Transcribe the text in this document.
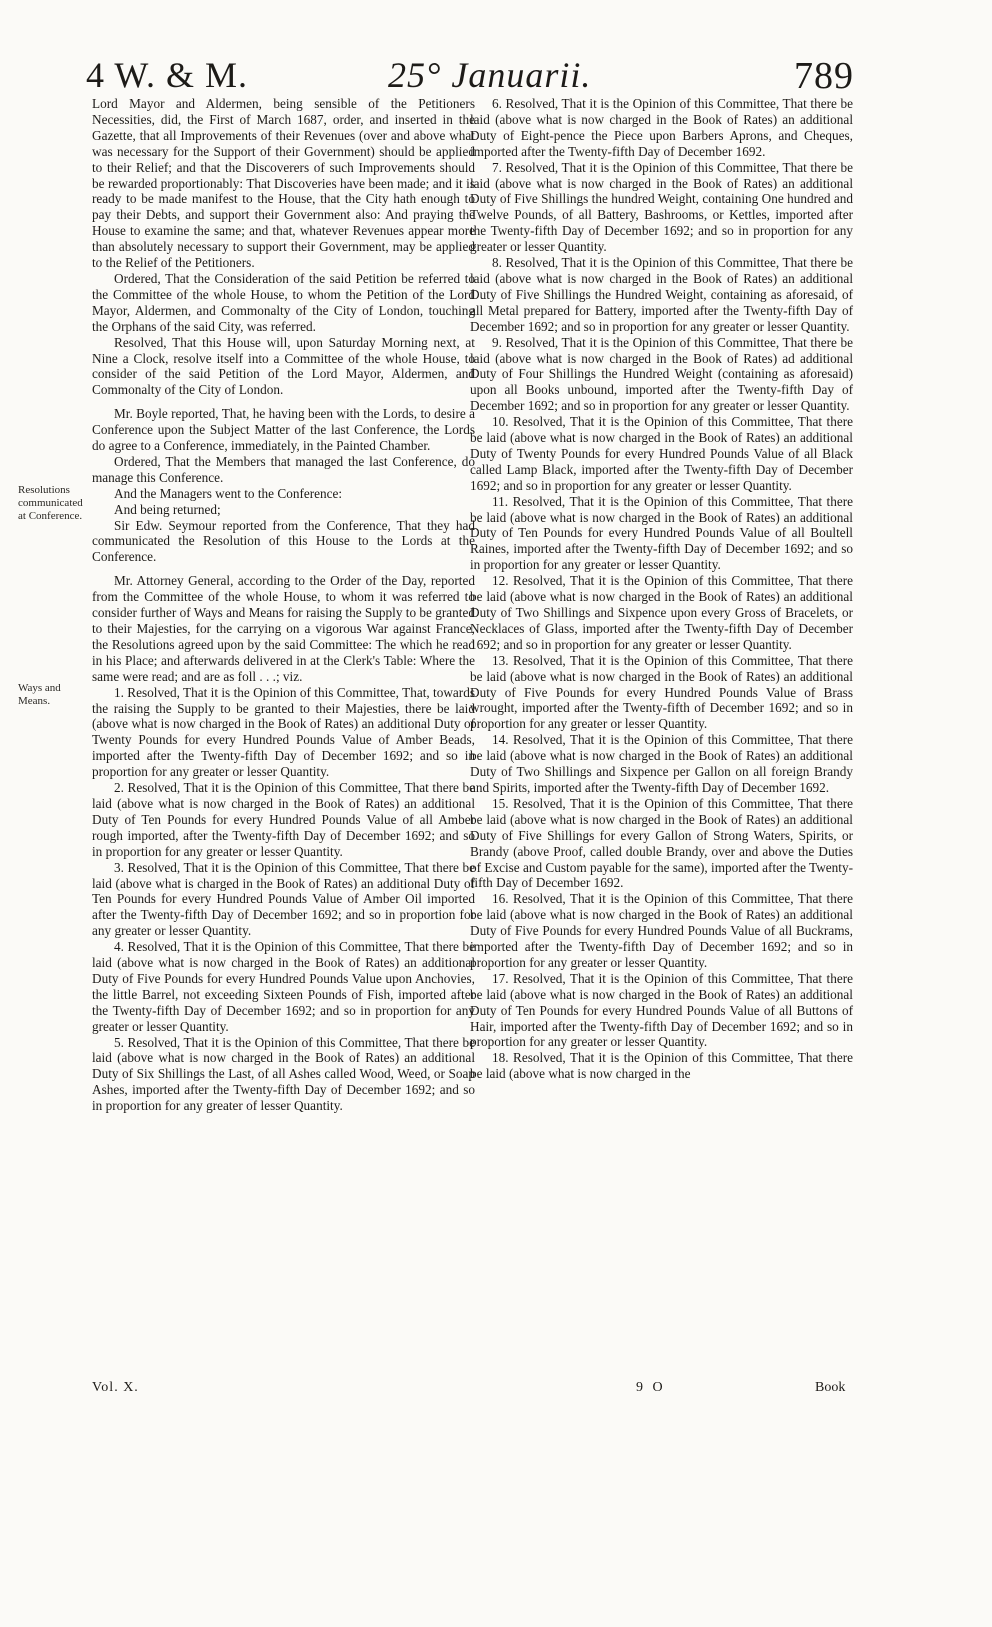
4 W. & M.	25° Januarii.	789
Resolutions communicated at Conference.
Ways and Means.

Lord Mayor and Aldermen, being sensible of the Petitioners Necessities, did, the First of March 1687, order, and inserted in the Gazette, that all Improvements of their Revenues (over and above what was necessary for the Support of their Government) should be applied to their Relief; and that the Discoverers of such Improvements should be rewarded proportionably: That Discoveries have been made; and it is ready to be made manifest to the House, that the City hath enough to pay their Debts, and support their Government also: And praying the House to examine the same; and that, whatever Revenues appear more than absolutely necessary to support their Government, may be applied to the Relief of the Petitioners.

Ordered, That the Consideration of the said Petition be referred to the Committee of the whole House, to whom the Petition of the Lord Mayor, Aldermen, and Commonalty of the City of London, touching the Orphans of the said City, was referred.

Resolved, That this House will, upon Saturday Morning next, at Nine a Clock, resolve itself into a Committee of the whole House, to consider of the said Petition of the Lord Mayor, Aldermen, and Commonalty of the City of London.

Mr. Boyle reported, That, he having been with the Lords, to desire a Conference upon the Subject Matter of the last Conference, the Lords do agree to a Conference, immediately, in the Painted Chamber.

Ordered, That the Members that managed the last Conference, do manage this Conference.

And the Managers went to the Conference:

And being returned;

Sir Edw. Seymour reported from the Conference, That they had communicated the Resolution of this House to the Lords at the Conference.

Mr. Attorney General, according to the Order of the Day, reported from the Committee of the whole House, to whom it was referred to consider further of Ways and Means for raising the Supply to be granted to their Majesties, for the carrying on a vigorous War against France, the Resolutions agreed upon by the said Committee: The which he read in his Place; and afterwards delivered in at the Clerk's Table: Where the same were read; and are as foll . . .; viz.

1. Resolved, That it is the Opinion of this Committee, That, towards the raising the Supply to be granted to their Majesties, there be laid (above what is now charged in the Book of Rates) an additional Duty of Twenty Pounds for every Hundred Pounds Value of Amber Beads, imported after the Twenty-fifth Day of December 1692; and so in proportion for any greater or lesser Quantity.

2. Resolved, That it is the Opinion of this Committee, That there be laid (above what is now charged in the Book of Rates) an additional Duty of Ten Pounds for every Hundred Pounds Value of all Amber rough imported, after the Twenty-fifth Day of December 1692; and so in proportion for any greater or lesser Quantity.

3. Resolved, That it is the Opinion of this Committee, That there be laid (above what is charged in the Book of Rates) an additional Duty of Ten Pounds for every Hundred Pounds Value of Amber Oil imported after the Twenty-fifth Day of December 1692; and so in proportion for any greater or lesser Quantity.

4. Resolved, That it is the Opinion of this Committee, That there be laid (above what is now charged in the Book of Rates) an additional Duty of Five Pounds for every Hundred Pounds Value upon Anchovies, the little Barrel, not exceeding Sixteen Pounds of Fish, imported after the Twenty-fifth Day of December 1692; and so in proportion for any greater or lesser Quantity.

5. Resolved, That it is the Opinion of this Committee, That there be laid (above what is now charged in the Book of Rates) an additional Duty of Six Shillings the Last, of all Ashes called Wood, Weed, or Soap Ashes, imported after the Twenty-fifth Day of December 1692; and so in proportion for any greater of lesser Quantity.

6. Resolved, That it is the Opinion of this Committee, That there be laid (above what is now charged in the Book of Rates) an additional Duty of Eight-pence the Piece upon Barbers Aprons, and Cheques, imported after the Twenty-fifth Day of December 1692.

7. Resolved, That it is the Opinion of this Committee, That there be laid (above what is now charged in the Book of Rates) an additional Duty of Five Shillings the hundred Weight, containing One hundred and Twelve Pounds, of all Battery, Bashrooms, or Kettles, imported after the Twenty-fifth Day of December 1692; and so in proportion for any greater or lesser Quantity.

8. Resolved, That it is the Opinion of this Committee, That there be laid (above what is now charged in the Book of Rates) an additional Duty of Five Shillings the Hundred Weight, containing as aforesaid, of all Metal prepared for Battery, imported after the Twenty-fifth Day of December 1692; and so in proportion for any greater or lesser Quantity.

9. Resolved, That it is the Opinion of this Committee, That there be laid (above what is now charged in the Book of Rates) ad additional Duty of Four Shillings the Hundred Weight (containing as aforesaid) upon all Books unbound, imported after the Twenty-fifth Day of December 1692; and so in proportion for any greater or lesser Quantity.

10. Resolved, That it is the Opinion of this Committee, That there be laid (above what is now charged in the Book of Rates) an additional Duty of Twenty Pounds for every Hundred Pounds Value of all Black called Lamp Black, imported after the Twenty-fifth Day of December 1692; and so in proportion for any greater or lesser Quantity.

11. Resolved, That it is the Opinion of this Committee, That there be laid (above what is now charged in the Book of Rates) an additional Duty of Ten Pounds for every Hundred Pounds Value of all Boultell Raines, imported after the Twenty-fifth Day of December 1692; and so in proportion for any greater or lesser Quantity.

12. Resolved, That it is the Opinion of this Committee, That there be laid (above what is now charged in the Book of Rates) an additional Duty of Two Shillings and Sixpence upon every Gross of Bracelets, or Necklaces of Glass, imported after the Twenty-fifth Day of December 1692; and so in proportion for any greater or lesser Quantity.

13. Resolved, That it is the Opinion of this Committee, That there be laid (above what is now charged in the Book of Rates) an additional Duty of Five Pounds for every Hundred Pounds Value of Brass wrought, imported after the Twenty-fifth of December 1692; and so in proportion for any greater or lesser Quantity.

14. Resolved, That it is the Opinion of this Committee, That there be laid (above what is now charged in the Book of Rates) an additional Duty of Two Shillings and Sixpence per Gallon on all foreign Brandy and Spirits, imported after the Twenty-fifth Day of December 1692.

15. Resolved, That it is the Opinion of this Committee, That there be laid (above what is now charged in the Book of Rates) an additional Duty of Five Shillings for every Gallon of Strong Waters, Spirits, or Brandy (above Proof, called double Brandy, over and above the Duties of Excise and Custom payable for the same), imported after the Twenty-fifth Day of December 1692.

16. Resolved, That it is the Opinion of this Committee, That there be laid (above what is now charged in the Book of Rates) an additional Duty of Five Pounds for every Hundred Pounds Value of all Buckrams, imported after the Twenty-fifth Day of December 1692; and so in proportion for any greater or lesser Quantity.

17. Resolved, That it is the Opinion of this Committee, That there be laid (above what is now charged in the Book of Rates) an additional Duty of Ten Pounds for every Hundred Pounds Value of all Buttons of Hair, imported after the Twenty-fifth Day of December 1692; and so in proportion for any greater or lesser Quantity.

18. Resolved, That it is the Opinion of this Committee, That there be laid (above what is now charged in the

Vol. X.	9 O	Book
